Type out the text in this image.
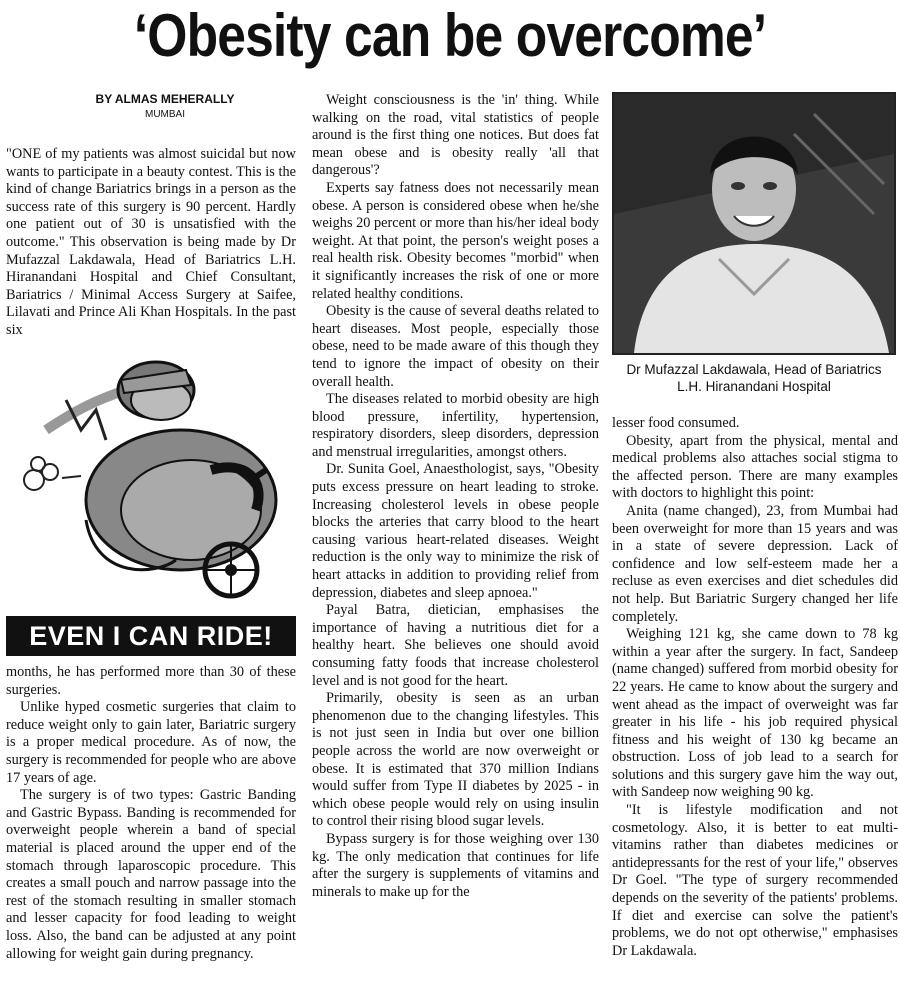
‘Obesity can be overcome’
BY ALMAS MEHERALLY
MUMBAI

"ONE of my patients was almost suicidal but now wants to participate in a beauty contest. This is the kind of change Bariatrics brings in a person as the success rate of this surgery is 90 percent. Hardly one patient out of 30 is unsatisfied with the outcome." This observation is being made by Dr Mufazzal Lakdawala, Head of Bariatrics L.H. Hiranandani Hospital and Chief Consultant, Bariatrics / Minimal Access Surgery at Saifee, Lilavati and Prince Ali Khan Hospitals. In the past six

EVEN I CAN RIDE!

months, he has performed more than 30 of these surgeries.

Unlike hyped cosmetic surgeries that claim to reduce weight only to gain later, Bariatric surgery is a proper medical procedure. As of now, the surgery is recommended for people who are above 17 years of age.

The surgery is of two types: Gastric Banding and Gastric Bypass. Banding is recommended for overweight people wherein a band of special material is placed around the upper end of the stomach through laparoscopic procedure. This creates a small pouch and narrow passage into the rest of the stomach resulting in smaller stomach and lesser capacity for food leading to weight loss. Also, the band can be adjusted at any point allowing for weight gain during pregnancy.

Weight consciousness is the 'in' thing. While walking on the road, vital statistics of people around is the first thing one notices. But does fat mean obese and is obesity really 'all that dangerous'?

Experts say fatness does not necessarily mean obese. A person is considered obese when he/she weighs 20 percent or more than his/her ideal body weight. At that point, the person's weight poses a real health risk. Obesity becomes "morbid" when it significantly increases the risk of one or more related healthy conditions.

Obesity is the cause of several deaths related to heart diseases. Most people, especially those obese, need to be made aware of this though they tend to ignore the impact of obesity on their overall health.

The diseases related to morbid obesity are high blood pressure, infertility, hypertension, respiratory disorders, sleep disorders, depression and menstrual irregularities, amongst others.

Dr. Sunita Goel, Anaesthologist, says, "Obesity puts excess pressure on heart leading to stroke. Increasing cholesterol levels in obese people blocks the arteries that carry blood to the heart causing various heart-related diseases. Weight reduction is the only way to minimize the risk of heart attacks in addition to providing relief from depression, diabetes and sleep apnoea."

Payal Batra, dietician, emphasises the importance of having a nutritious diet for a healthy heart. She believes one should avoid consuming fatty foods that increase cholesterol level and is not good for the heart.

Primarily, obesity is seen as an urban phenomenon due to the changing lifestyles. This is not just seen in India but over one billion people across the world are now overweight or obese. It is estimated that 370 million Indians would suffer from Type II diabetes by 2025 - in which obese people would rely on using insulin to control their rising blood sugar levels.

Bypass surgery is for those weighing over 130 kg. The only medication that continues for life after the surgery is supplements of vitamins and minerals to make up for the

Dr Mufazzal Lakdawala, Head of Bariatrics
L.H. Hiranandani Hospital

lesser food consumed.

Obesity, apart from the physical, mental and medical problems also attaches social stigma to the affected person. There are many examples with doctors to highlight this point:

Anita (name changed), 23, from Mumbai had been overweight for more than 15 years and was in a state of severe depression. Lack of confidence and low self-esteem made her a recluse as even exercises and diet schedules did not help. But Bariatric Surgery changed her life completely.

Weighing 121 kg, she came down to 78 kg within a year after the surgery. In fact, Sandeep (name changed) suffered from morbid obesity for 22 years. He came to know about the surgery and went ahead as the impact of overweight was far greater in his life - his job required physical fitness and his weight of 130 kg became an obstruction. Loss of job lead to a search for solutions and this surgery gave him the way out, with Sandeep now weighing 90 kg.

"It is lifestyle modification and not cosmetology. Also, it is better to eat multi-vitamins rather than diabetes medicines or antidepressants for the rest of your life," observes Dr Goel. "The type of surgery recommended depends on the severity of the patients' problems. If diet and exercise can solve the patient's problems, we do not opt otherwise," emphasises Dr Lakdawala.
